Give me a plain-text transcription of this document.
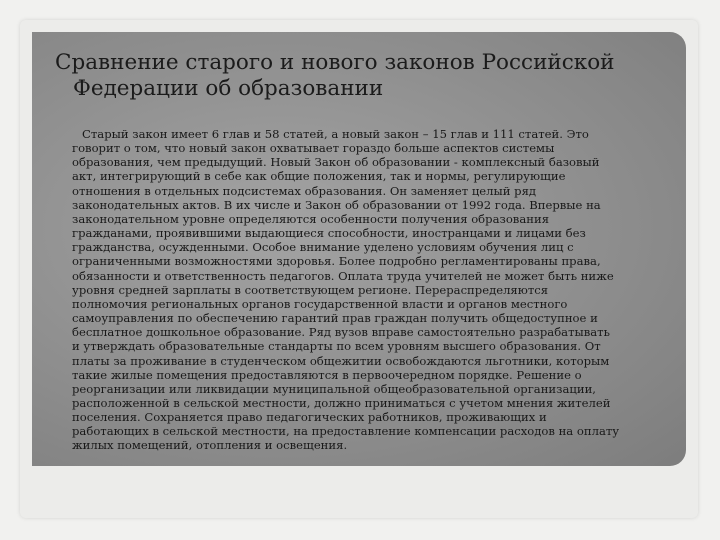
Сравнение старого и нового законов Российской
Федерации об образовании
Старый закон имеет 6 глав и 58 статей, а новый закон – 15 глав и 111 статей. Это
говорит о том, что новый закон охватывает гораздо больше аспектов системы
образования, чем предыдущий. Новый Закон об образовании - комплексный базовый
акт, интегрирующий в себе как общие положения, так и нормы, регулирующие
отношения в отдельных подсистемах образования. Он заменяет целый ряд
законодательных актов. В их числе и Закон об образовании от 1992 года. Впервые на
законодательном уровне определяются особенности получения образования
гражданами, проявившими выдающиеся способности, иностранцами и лицами без
гражданства, осужденными. Особое внимание уделено условиям обучения лиц с
ограниченными возможностями здоровья. Более подробно регламентированы права,
обязанности и ответственность педагогов. Оплата труда учителей не может быть ниже
уровня средней зарплаты в соответствующем регионе. Перераспределяются
полномочия региональных органов государственной власти и органов местного
самоуправления по обеспечению гарантий прав граждан получить общедоступное и
бесплатное дошкольное образование. Ряд вузов вправе самостоятельно разрабатывать
и утверждать образовательные стандарты по всем уровням высшего образования. От
платы за проживание в студенческом общежитии освобождаются льготники, которым
такие жилые помещения предоставляются в первоочередном порядке. Решение о
реорганизации или ликвидации муниципальной общеобразовательной организации,
расположенной в сельской местности, должно приниматься с учетом мнения жителей
поселения. Сохраняется право педагогических работников, проживающих и
работающих в сельской местности, на предоставление компенсации расходов на оплату
жилых помещений, отопления и освещения.
